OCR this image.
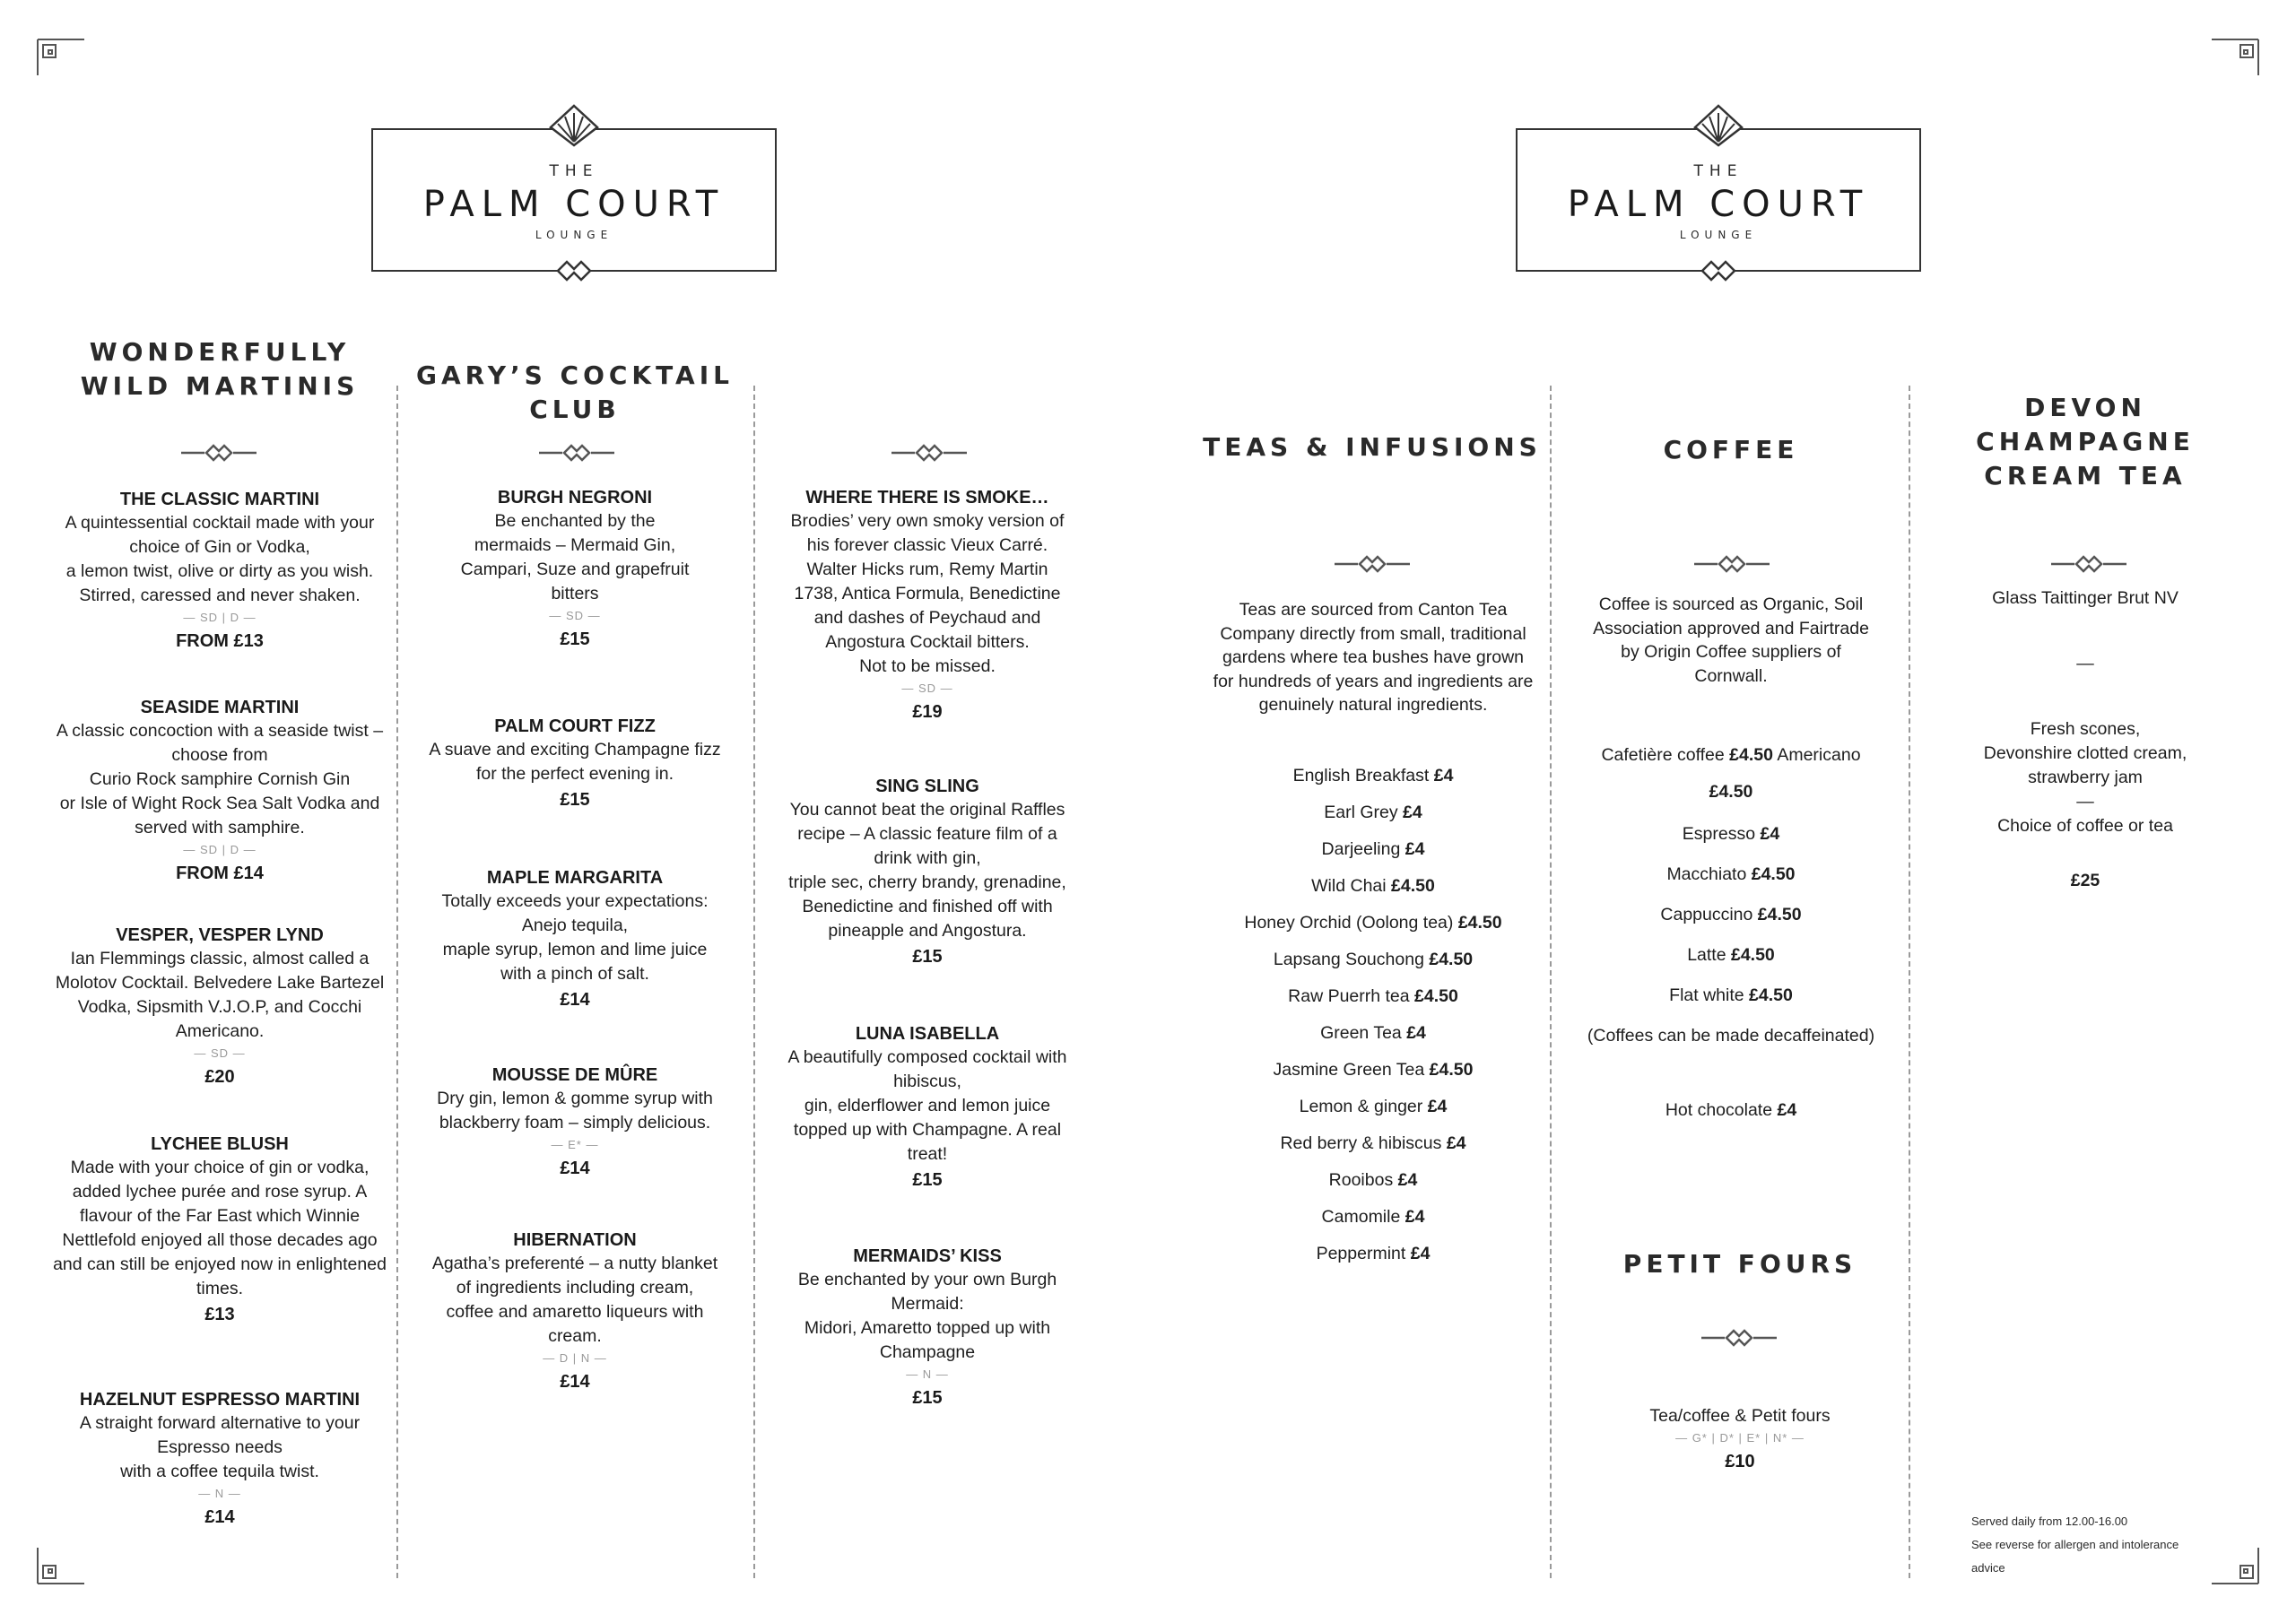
THE
PALM COURT
LOUNGE
THE
PALM COURT
LOUNGE
WONDERFULLY
WILD MARTINIS
THE CLASSIC MARTINI
A quintessential cocktail made with your
choice of Gin or Vodka,
a lemon twist, olive or dirty as you wish.
Stirred, caressed and never shaken.
— SD | D —
FROM £13
SEASIDE MARTINI
A classic concoction with a seaside twist –
choose from
Curio Rock samphire Cornish Gin
or Isle of Wight Rock Sea Salt Vodka and
served with samphire.
— SD | D —
FROM £14
VESPER, VESPER LYND
Ian Flemmings classic, almost called a
Molotov Cocktail. Belvedere Lake Bartezel
Vodka, Sipsmith V.J.O.P, and Cocchi
Americano.
— SD —
£20
LYCHEE BLUSH
Made with your choice of gin or vodka,
added lychee purée and rose syrup. A
flavour of the Far East which Winnie
Nettlefold enjoyed all those decades ago
and can still be enjoyed now in enlightened
times.
£13
HAZELNUT ESPRESSO MARTINI
A straight forward alternative to your
Espresso needs
with a coffee tequila twist.
— N —
£14
GARY’S COCKTAIL
CLUB
BURGH NEGRONI
Be enchanted by the
mermaids – Mermaid Gin,
Campari, Suze and grapefruit
bitters
— SD —
£15
PALM COURT FIZZ
A suave and exciting Champagne fizz
for the perfect evening in.
£15
MAPLE MARGARITA
Totally exceeds your expectations:
Anejo tequila,
maple syrup, lemon and lime juice
with a pinch of salt.
£14
MOUSSE DE MÛRE
Dry gin, lemon & gomme syrup with
blackberry foam – simply delicious.
— E* —
£14
HIBERNATION
Agatha’s preferenté – a nutty blanket
of ingredients including cream,
coffee and amaretto liqueurs with
cream.
— D | N —
£14
WHERE THERE IS SMOKE…
Brodies’ very own smoky version of
his forever classic Vieux Carré.
Walter Hicks rum, Remy Martin
1738, Antica Formula, Benedictine
and dashes of Peychaud and
Angostura Cocktail bitters.
Not to be missed.
— SD —
£19
SING SLING
You cannot beat the original Raffles
recipe – A classic feature film of a
drink with gin,
triple sec, cherry brandy, grenadine,
Benedictine and finished off with
pineapple and Angostura.
£15
LUNA ISABELLA
A beautifully composed cocktail with
hibiscus,
gin, elderflower and lemon juice
topped up with Champagne. A real
treat!
£15
MERMAIDS’ KISS
Be enchanted by your own Burgh
Mermaid:
Midori, Amaretto topped up with
Champagne
— N —
£15
TEAS & INFUSIONS
Teas are sourced from Canton Tea
Company directly from small, traditional
gardens where tea bushes have grown
for hundreds of years and ingredients are
genuinely natural ingredients.
English Breakfast £4
Earl Grey £4
Darjeeling £4
Wild Chai £4.50
Honey Orchid (Oolong tea) £4.50
Lapsang Souchong £4.50
Raw Puerrh tea £4.50
Green Tea £4
Jasmine Green Tea £4.50
Lemon & ginger £4
Red berry & hibiscus £4
Rooibos £4
Camomile £4
Peppermint £4
COFFEE
Coffee is sourced as Organic, Soil
Association approved and Fairtrade
by Origin Coffee suppliers of
Cornwall.
Cafetière coffee £4.50 Americano
£4.50
Espresso £4
Macchiato £4.50
Cappuccino £4.50
Latte £4.50
Flat white £4.50
(Coffees can be made decaffeinated)
Hot chocolate £4
PETIT FOURS
Tea/coffee & Petit fours
— G* | D* | E* | N* —
£10
DEVON
CHAMPAGNE
CREAM TEA
Glass Taittinger Brut NV
—
Fresh scones,
Devonshire clotted cream,
strawberry jam
—
Choice of coffee or tea
£25
Served daily from 12.00-16.00
See reverse for allergen and intolerance
advice
